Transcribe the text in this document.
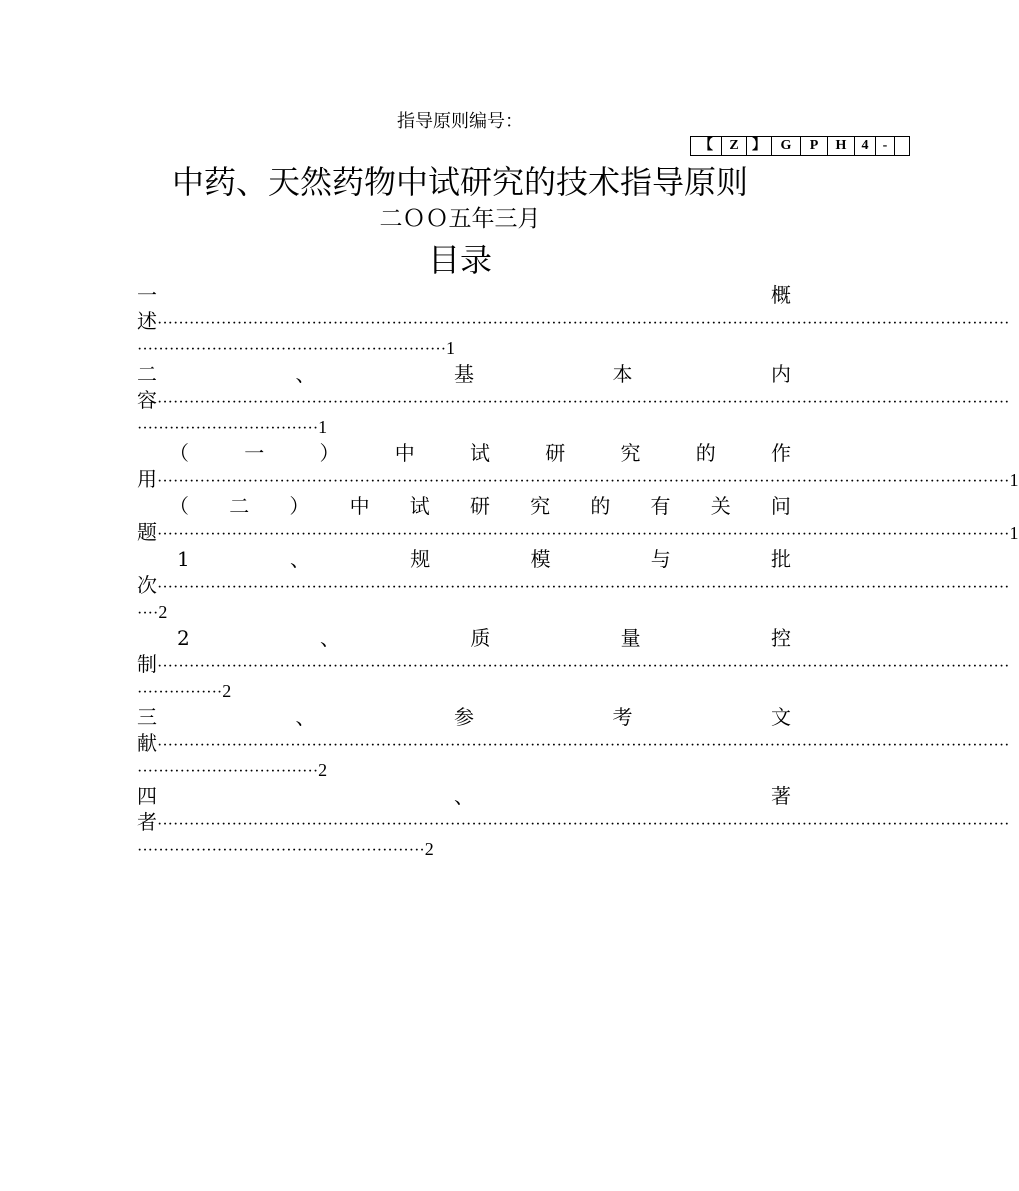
指导原则编号：
【	Z	】	G	P	H	4	-	
中药、天然药物中试研究的技术指导原则
二ＯＯ五年三月
目录
一	概
述 ································································································································································
··························································1
二	、	基	本	内
容 ································································································································································
··································1
（	一	）	中	试	研	究	的	作
用 ································································································································································ 1
（ 二 ） 中 试 研 究 的 有 关 问
题 ································································································································································ 1
1	、	规	模	与	批
次 ································································································································································
····2
2	、	质	量	控
制 ································································································································································
················2
三	、	参	考	文
献 ································································································································································
··································2
四	、	著
者 ································································································································································
······················································2
